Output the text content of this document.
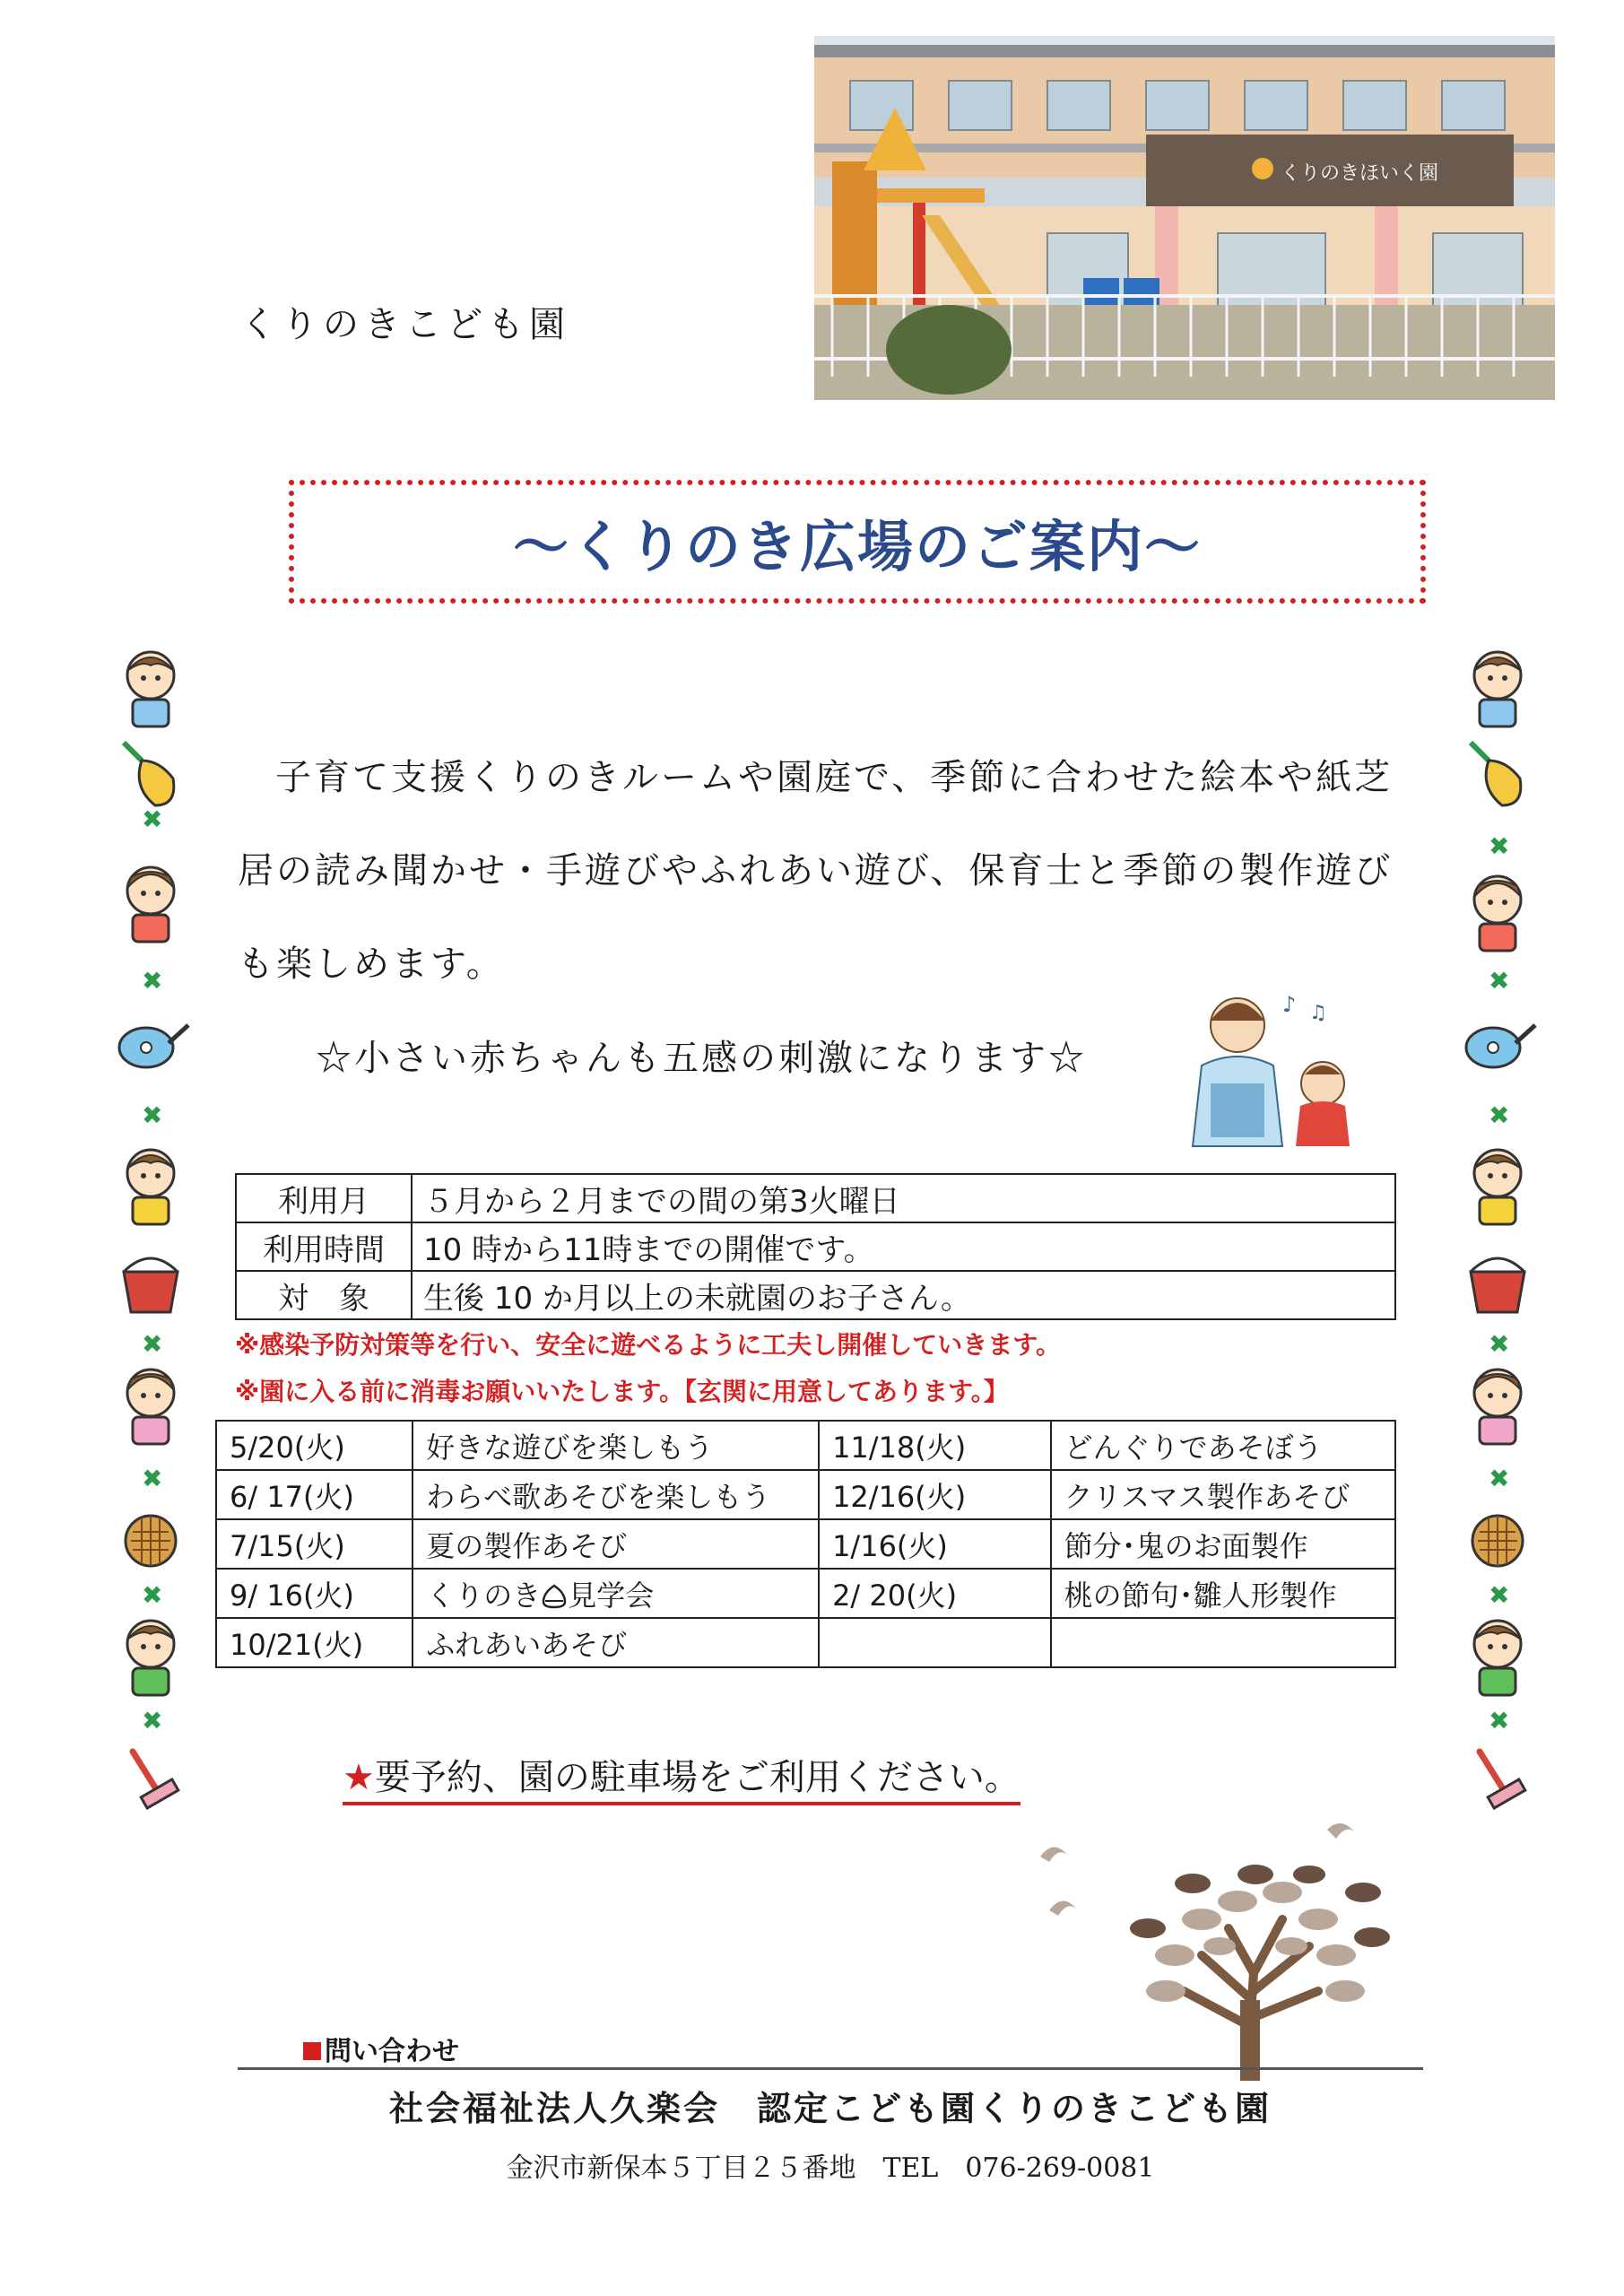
くりのきこども園
くりのきほいく園
～くりのき広場のご案内～
子育て支援くりのきルームや園庭で、季節に合わせた絵本や紙芝
居の読み聞かせ・手遊びやふれあい遊び、保育士と季節の製作遊び
も楽しめます。
☆小さい赤ちゃんも五感の刺激になります☆
♪ ♫
利用月	５月から２月までの間の第3火曜日
利用時間	10 時から11時までの開催です。
対　象	生後 10 か月以上の未就園のお子さん。
※感染予防対策等を行い、安全に遊べるように工夫し開催していきます。
※園に入る前に消毒お願いいたします。【玄関に用意してあります。】
5/20(火)	好きな遊びを楽しもう	11/18(火)	どんぐりであそぼう
6/ 17(火)	わらべ歌あそびを楽しもう	12/16(火)	クリスマス製作あそび
7/15(火)	夏の製作あそび	1/16(火)	節分･鬼のお面製作
9/ 16(火)	くりのき 見学会	2/ 20(火)	桃の節句･雛人形製作
10/21(火)	ふれあいあそび		
★要予約、園の駐車場をご利用ください。
問い合わせ
社会福祉法人久楽会　認定こども園くりのきこども園
金沢市新保本５丁目２５番地　TEL　076-269-0081
✖
✖
✖
✖
✖
✖
✖
✖
✖
✖
✖
✖
✖
✖
